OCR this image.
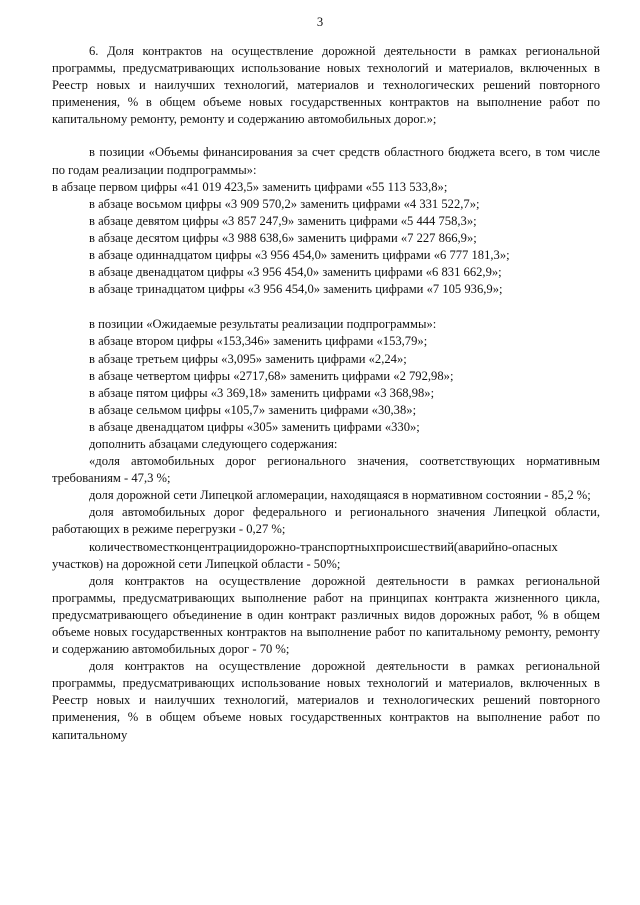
3

6. Доля контрактов на осуществление дорожной деятельности в рамках региональной программы, предусматривающих использование новых технологий и материалов, включенных в Реестр новых и наилучших технологий, материалов и технологических решений повторного применения, % в общем объеме новых государственных контрактов на выполнение работ по капитальному ремонту, ремонту и содержанию автомобильных дорог.»;

в позиции «Объемы финансирования за счет средств областного бюджета всего, в том числе по годам реализации подпрограммы»:

в абзаце первом цифры «41 019 423,5» заменить цифрами «55 113 533,8»;

в абзаце восьмом цифры «3 909 570,2» заменить цифрами «4 331 522,7»;

в абзаце девятом цифры «3 857 247,9» заменить цифрами «5 444 758,3»;

в абзаце десятом цифры «3 988 638,6» заменить цифрами «7 227 866,9»;

в абзаце одиннадцатом цифры «3 956 454,0» заменить цифрами «6 777 181,3»;

в абзаце двенадцатом цифры «3 956 454,0» заменить цифрами «6 831 662,9»;

в абзаце тринадцатом цифры «3 956 454,0» заменить цифрами «7 105 936,9»;

в позиции «Ожидаемые результаты реализации подпрограммы»:

в абзаце втором цифры «153,346» заменить цифрами «153,79»;

в абзаце третьем цифры «3,095» заменить цифрами «2,24»;

в абзаце четвертом цифры «2717,68» заменить цифрами «2 792,98»;

в абзаце пятом цифры «3 369,18» заменить цифрами «3 368,98»;

в абзаце сельмом цифры «105,7» заменить цифрами «30,38»;

в абзаце двенадцатом цифры «305» заменить цифрами «330»;

дополнить абзацами следующего содержания:

«доля автомобильных дорог регионального значения, соответствующих нормативным требованиям - 47,3 %;

доля дорожной сети Липецкой агломерации, находящаяся в нормативном состоянии - 85,2 %;

доля автомобильных дорог федерального и регионального значения Липецкой области, работающих в режиме перегрузки - 0,27 %;

количествоместконцентрациидорожно-транспортныхпроисшествий(аварийно-опасных участков) на дорожной сети Липецкой области - 50%;

доля контрактов на осуществление дорожной деятельности в рамках региональной программы, предусматривающих выполнение работ на принципах контракта жизненного цикла, предусматривающего объединение в один контракт различных видов дорожных работ, % в общем объеме новых государственных контрактов на выполнение работ по капитальному ремонту, ремонту и содержанию автомобильных дорог - 70 %;

доля контрактов на осуществление дорожной деятельности в рамках региональной программы, предусматривающих использование новых технологий и материалов, включенных в Реестр новых и наилучших технологий, материалов и технологических решений повторного применения, % в общем объеме новых государственных контрактов на выполнение работ по капитальному
